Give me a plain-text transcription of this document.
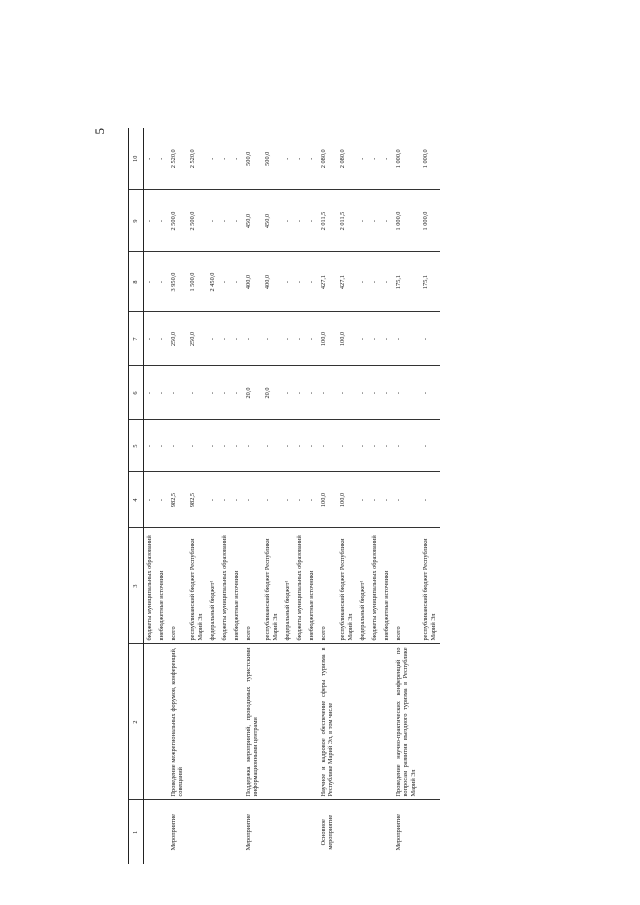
5
1	2	3	4	5	6	7	8	9	10
		бюджеты муниципальных образований	-	-	-	-	-	-	-
		внебюджетные источники	-	-	-	-	-	-	-
Мероприятие	Проведение межрегиональных форумов, конференций, совещаний	всего	982,5	-	-	250,0	3 950,0	2 500,0	2 520,0
		республиканский бюджет Республики Марий Эл	982,5	-	-	250,0	1 500,0	2 500,0	2 520,0
		федеральный бюджет¹	-	-	-	-	2 450,0	-	-
		бюджеты муниципальных образований	-	-	-	-	-	-	-
		внебюджетные источники	-	-	-	-	-	-	-
Мероприятие	Поддержка мероприятий, проводимых туристскими информационными центрами	всего	-	-	20,0	-	400,0	450,0	500,0
		республиканский бюджет Республики Марий Эл	-	-	20,0	-	400,0	450,0	500,0
		федеральный бюджет¹	-	-	-	-	-	-	-
		бюджеты муниципальных образований	-	-	-	-	-	-	-
		внебюджетные источники	-	-	-	-	-	-	-
Основное мероприятие	Научное и кадровое обеспечение сферы туризма в Республике Марий Эл, в том числе	всего	100,0	-	-	100,0	427,1	2 011,5	2 080,0
		республиканский бюджет Республики Марий Эл	100,0	-	-	100,0	427,1	2 011,5	2 080,0
		федеральный бюджет¹	-	-	-	-	-	-	-
		бюджеты муниципальных образований	-	-	-	-	-	-	-
		внебюджетные источники	-	-	-	-	-	-	-
Мероприятие	Проведение научно-практических конференций по вопросам развития въездного туризма в Республике Марий Эл	всего	-	-	-	-	175,1	1 000,0	1 000,0
		республиканский бюджет Республики Марий Эл	-	-	-	-	175,1	1 000,0	1 000,0
